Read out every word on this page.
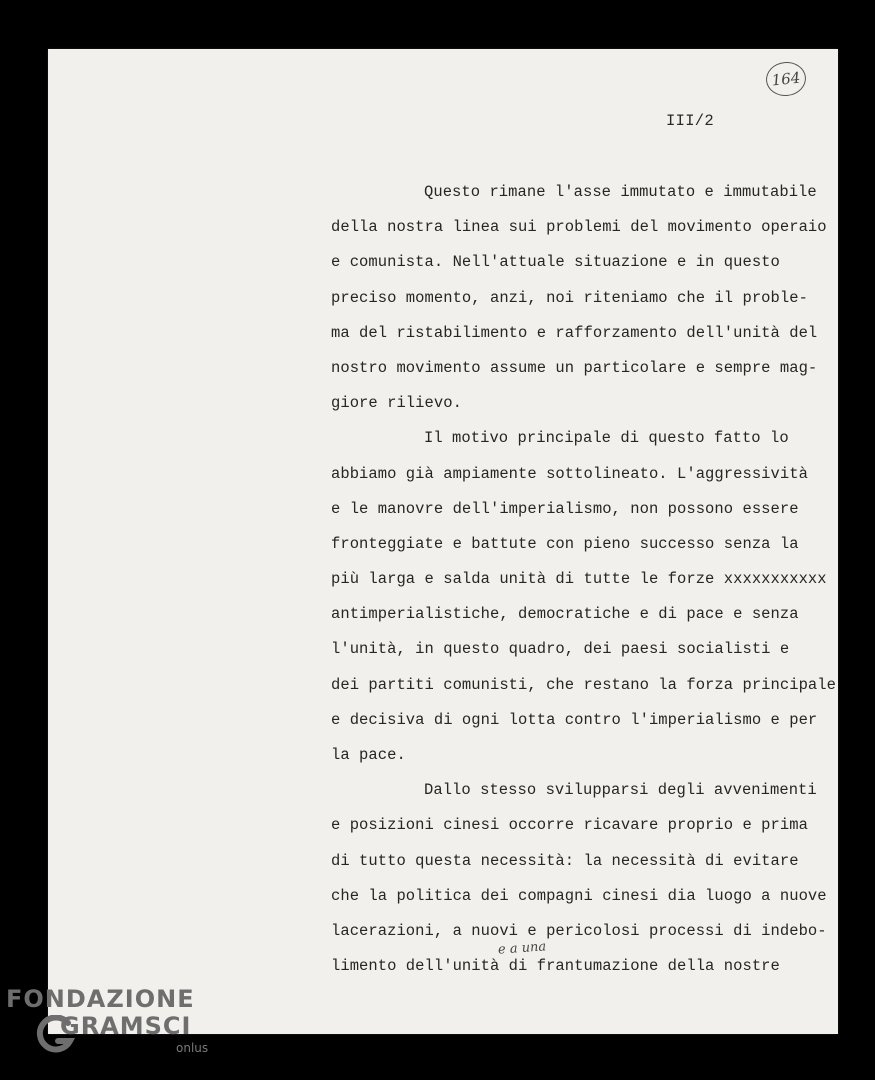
164
III/2
Questo rimane l'asse immutato e immutabile
della nostra linea sui problemi del movimento operaio
e comunista. Nell'attuale situazione e in questo
preciso momento, anzi, noi riteniamo che il proble-
ma del ristabilimento e rafforzamento dell'unità del
nostro movimento assume un particolare e sempre mag-
giore rilievo.
Il motivo principale di questo fatto lo
abbiamo già ampiamente sottolineato. L'aggressività
e le manovre dell'imperialismo, non possono essere
fronteggiate e battute con pieno successo senza la
più larga e salda unità di tutte le forze xxxxxxxxxxx
antimperialistiche, democratiche e di pace e senza
l'unità, in questo quadro, dei paesi socialisti e
dei partiti comunisti, che restano la forza principale
e decisiva di ogni lotta contro l'imperialismo e per
la pace.
Dallo stesso svilupparsi degli avvenimenti
e posizioni cinesi occorre ricavare proprio e prima
di tutto questa necessità: la necessità di evitare
che la politica dei compagni cinesi dia luogo a nuove
lacerazioni, a nuovi e pericolosi processi di indebo-
limento dell'unità di frantumazione della nostre
e a una
FONDAZIONE
GRAMSCI
onlus
